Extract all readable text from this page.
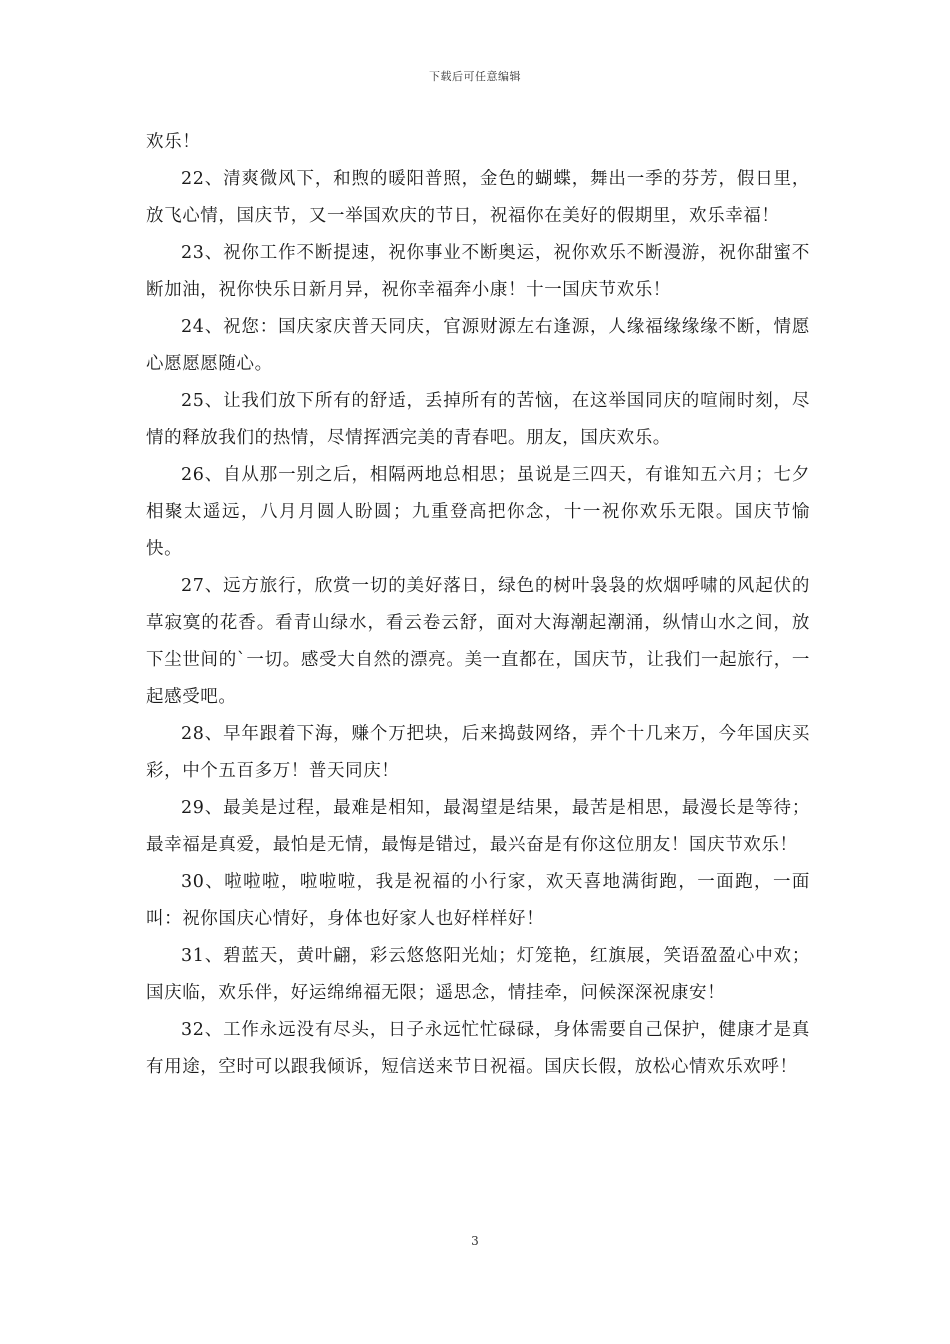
下载后可任意编辑

欢乐！

22、清爽微风下，和煦的暖阳普照，金色的蝴蝶，舞出一季的芬芳，假日里，放飞心情，国庆节，又一举国欢庆的节日，祝福你在美好的假期里，欢乐幸福！

23、祝你工作不断提速，祝你事业不断奥运，祝你欢乐不断漫游，祝你甜蜜不断加油，祝你快乐日新月异，祝你幸福奔小康！十一国庆节欢乐！

24、祝您：国庆家庆普天同庆，官源财源左右逢源，人缘福缘缘缘不断，情愿心愿愿愿随心。

25、让我们放下所有的舒适，丢掉所有的苦恼，在这举国同庆的喧闹时刻，尽情的释放我们的热情，尽情挥洒完美的青春吧。朋友，国庆欢乐。

26、自从那一别之后，相隔两地总相思；虽说是三四天，有谁知五六月；七夕相聚太遥远，八月月圆人盼圆；九重登高把你念，十一祝你欢乐无限。国庆节愉快。

27、远方旅行，欣赏一切的美好落日，绿色的树叶袅袅的炊烟呼啸的风起伏的草寂寞的花香。看青山绿水，看云卷云舒，面对大海潮起潮涌，纵情山水之间，放下尘世间的`一切。感受大自然的漂亮。美一直都在，国庆节，让我们一起旅行，一起感受吧。

28、早年跟着下海，赚个万把块，后来捣鼓网络，弄个十几来万，今年国庆买彩，中个五百多万！普天同庆！

29、最美是过程，最难是相知，最渴望是结果，最苦是相思，最漫长是等待；最幸福是真爱，最怕是无情，最悔是错过，最兴奋是有你这位朋友！国庆节欢乐！

30、啦啦啦，啦啦啦，我是祝福的小行家，欢天喜地满街跑，一面跑，一面叫：祝你国庆心情好，身体也好家人也好样样好！

31、碧蓝天，黄叶翩，彩云悠悠阳光灿；灯笼艳，红旗展，笑语盈盈心中欢；国庆临，欢乐伴，好运绵绵福无限；遥思念，情挂牵，问候深深祝康安！

32、工作永远没有尽头，日子永远忙忙碌碌，身体需要自己保护，健康才是真有用途，空时可以跟我倾诉，短信送来节日祝福。国庆长假，放松心情欢乐欢呼！

3
